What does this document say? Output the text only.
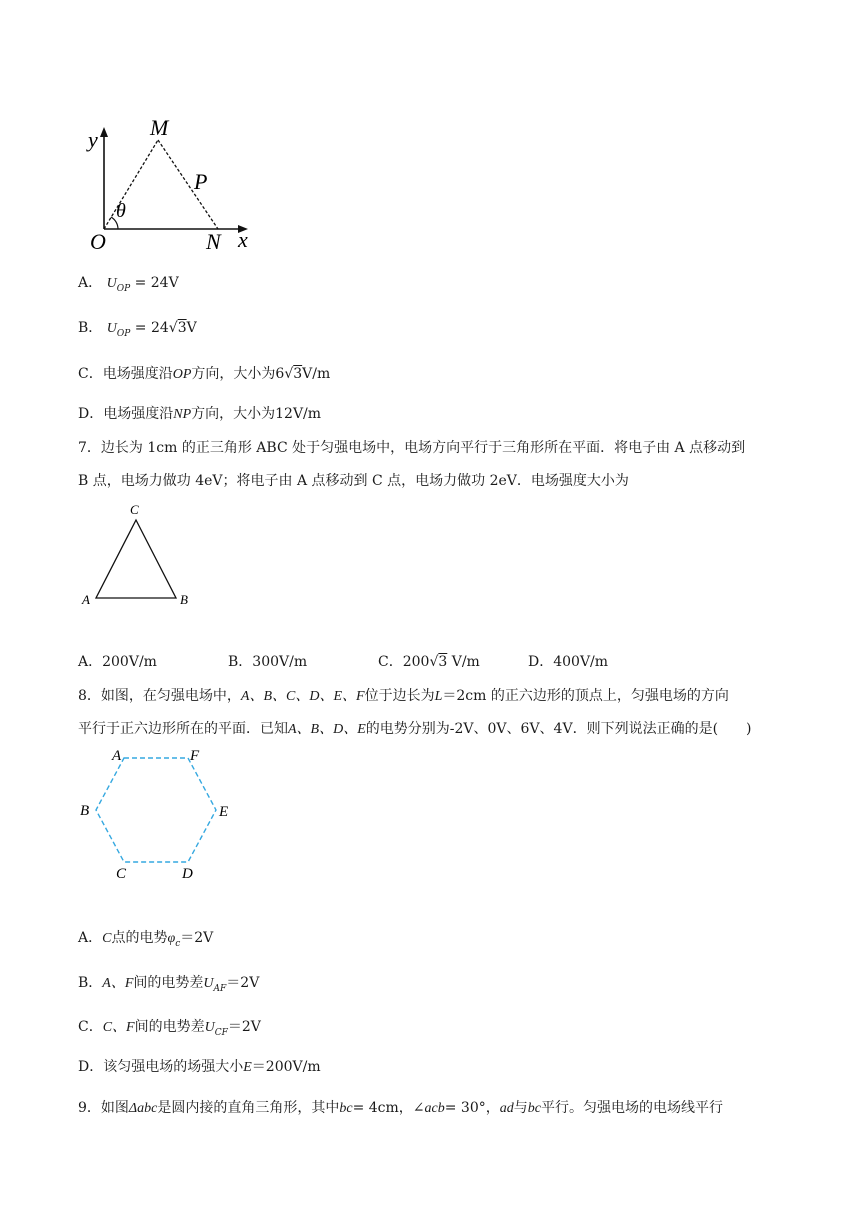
y M
P
θ
O	N x
A． $U_{OP} = 24V$
B． $U_{OP} = 24√3V$
C．电场强度沿OP方向，大小为6√3V/m
D．电场强度沿NP方向，大小为12V/m
7．边长为 1cm 的正三角形 ABC 处于匀强电场中，电场方向平行于三角形所在平面．将电子由 A 点移动到
B 点，电场力做功 4eV；将电子由 A 点移动到 C 点，电场力做功 2eV．电场强度大小为
C
A	B
A．200V/m	B．300V/m	C．200√3 V/m	D．400V/m
8．如图，在匀强电场中，A、B、C、D、E、F位于边长为L＝2cm 的正六边形的顶点上，匀强电场的方向
平行于正六边形所在的平面．已知A、B、D、E的电势分别为-2V、0V、6V、4V．则下列说法正确的是(　　)
A	F
B	E
C	D
A．C点的电势$\varphi_c=2V$
B．A、F间的电势差$U_{AF}=2V$
C．C、F间的电势差$U_{CF}=2V$
D．该匀强电场的场强大小E＝200V/m
9．如图Δabc是圆内接的直角三角形，其中bc= 4cm，∠acb= 30°，ad与bc平行。匀强电场的电场线平行
